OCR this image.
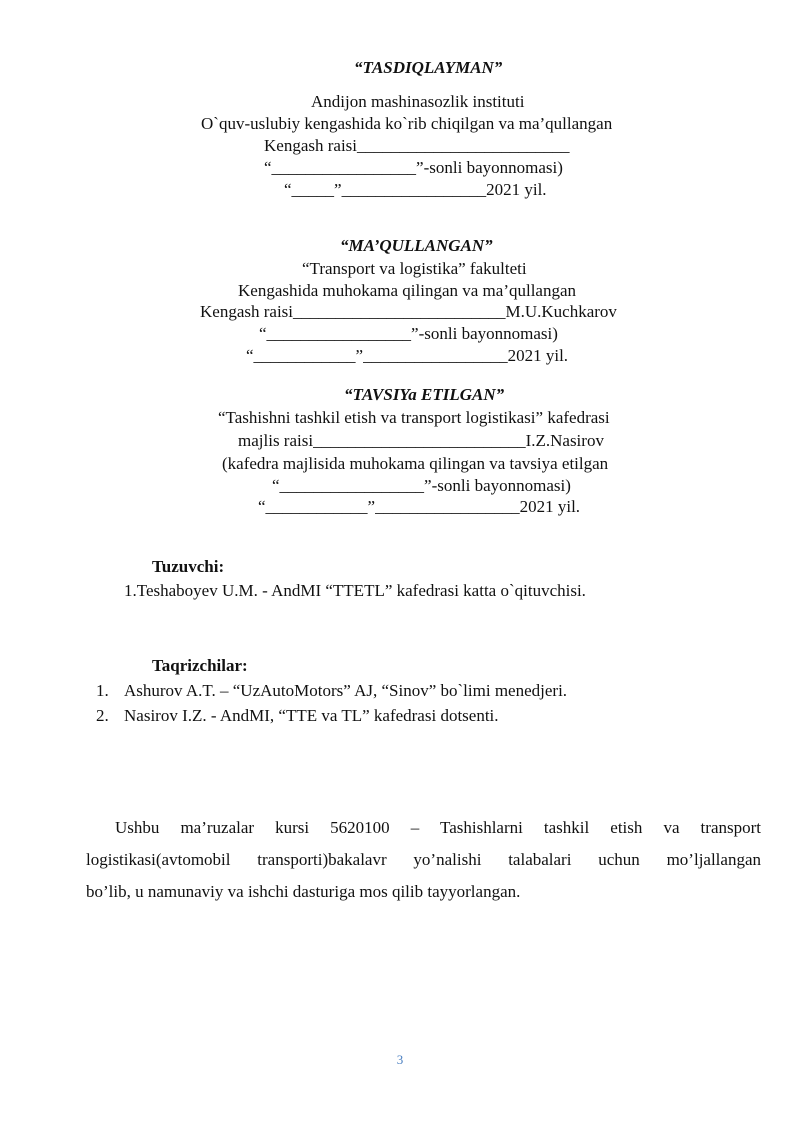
“TASDIQLAYMAN”
Andijon mashinasozlik instituti
O`quv-uslubiy kengashida ko`rib chiqilgan va ma’qullangan
Kengash raisi_________________________
“_________________”-sonli bayonnomasi)
“_____”_________________2021 yil.
“MA’QULLANGAN”
“Transport va logistika” fakulteti
Kengashida muhokama qilingan va ma’qullangan
Kengash raisi_________________________M.U.Kuchkarov
“_________________”-sonli bayonnomasi)
“____________”_________________2021 yil.
“TAVSIYa ETILGAN”
“Tashishni tashkil etish va transport logistikasi” kafedrasi
majlis raisi_________________________I.Z.Nasirov
(kafedra majlisida muhokama qilingan va tavsiya etilgan
“_________________”-sonli bayonnomasi)
“____________”_________________2021 yil.
Tuzuvchi:
1.Teshaboyev U.M. - AndMI “TTETL” kafedrasi katta o`qituvchisi.
Taqrizchilar:
1. Ashurov A.T. – “UzAutoMotors” AJ, “Sinov” bo`limi menedjeri.
2. Nasirov I.Z. - AndMI, “TTE va TL” kafedrasi dotsenti.
Ushbu ma’ruzalar kursi 5620100 – Tashishlarni tashkil etish va transport
logistikasi(avtomobil transporti)bakalavr yo’nalishi talabalari uchun mo’ljallangan
bo’lib, u namunaviy va ishchi dasturiga mos qilib tayyorlangan.
3
